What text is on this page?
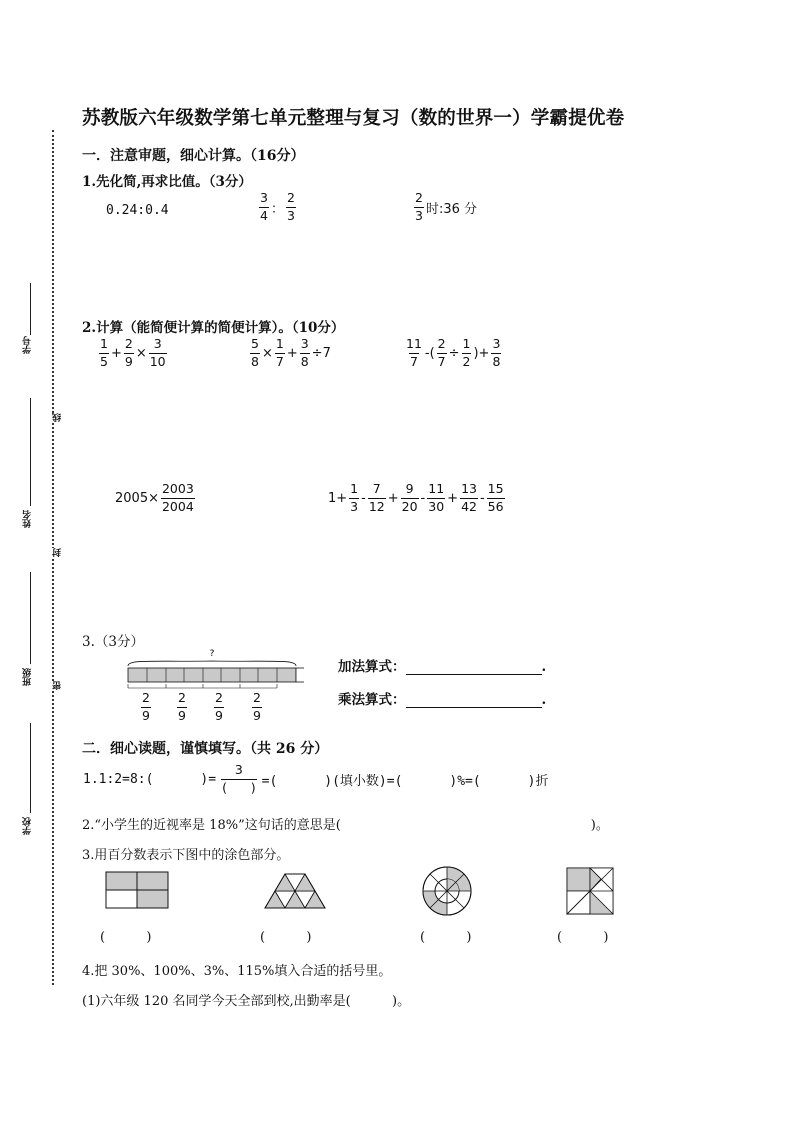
学号
姓名
班级
学校
线
封
密
苏教版六年级数学第七单元整理与复习（数的世界一）学霸提优卷
一．注意审题，细心计算。（16分）
1.先化简,再求比值。（3分）
0.24:0.4	$\frac{3}{4}$ ： $\frac{2}{3}$	$\frac{2}{3}$ 时:36 分
2.计算（能简便计算的简便计算）。（10分）
$\frac{1}{5} + \frac{2}{9} \times \frac{3}{10}$	$\frac{5}{8} \times \frac{1}{7} + \frac{3}{8} \div 7$	$\frac{11}{7}$ -( $\frac{2}{7} \div \frac{1}{2}$ )+ $\frac{3}{8}$
$2005\times \frac{2003}{2004}$	$1+ \frac{1}{3} - \frac{7}{12} + \frac{9}{20} - \frac{11}{30} + \frac{13}{42} - \frac{15}{56}$
3.（3分）
?
$\frac{2}{9} \frac{2}{9} \frac{2}{9} \frac{2}{9}$
加法算式：	.
乘法算式：	.
二．细心读题，谨慎填写。（共 26 分）
1.1:2=8:(      )= $\frac{3}{( )}$ =(      )(填小数)=(      )%=(      )折
2.“小学生的近视率是 18%”这句话的意思是(	)。
3.用百分数表示下图中的涂色部分。
(          )	(          )	(          )	(          )
4.把 30%、100%、3%、115%填入合适的括号里。
(1)六年级 120 名同学今天全部到校,出勤率是(          )。
